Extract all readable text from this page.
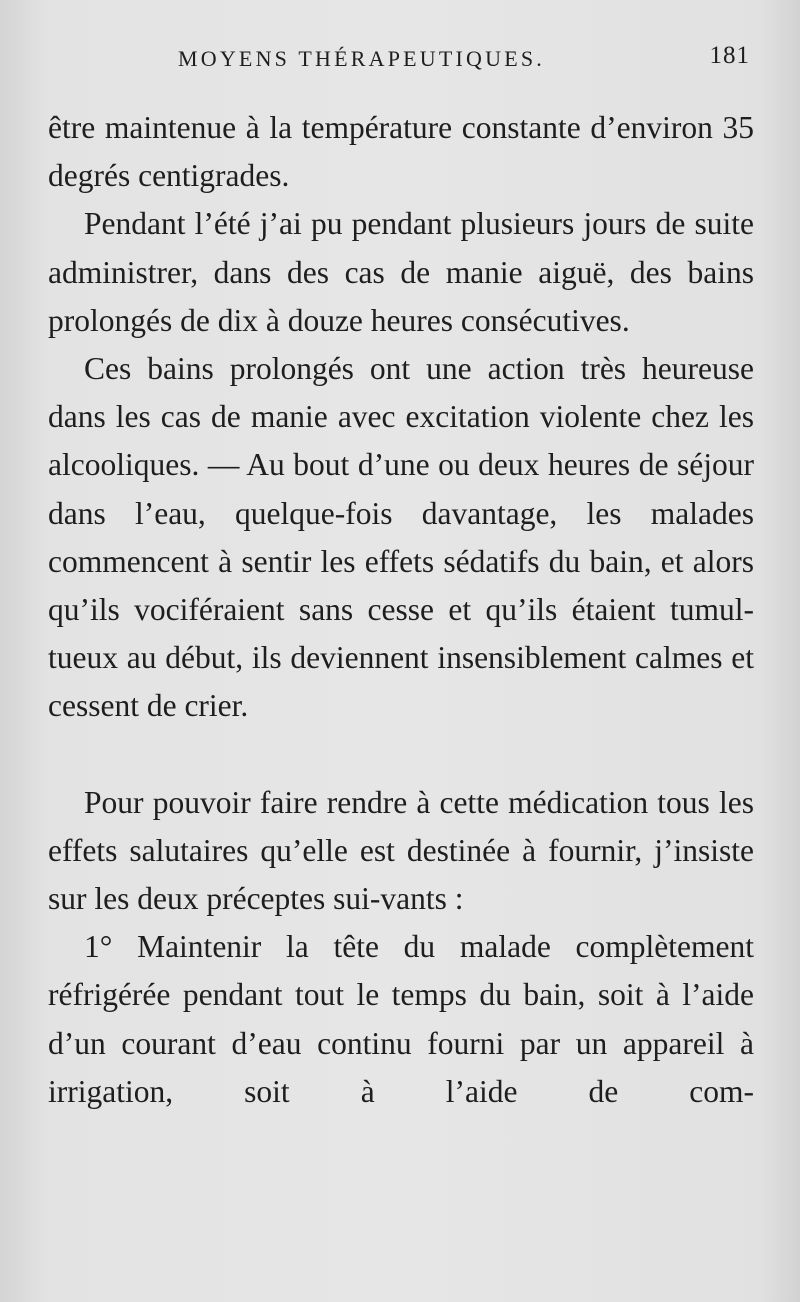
MOYENS THÉRAPEUTIQUES.	181

être maintenue à la température constante d’environ 35 degrés centigrades.

Pendant l’été j’ai pu pendant plusieurs jours de suite administrer, dans des cas de manie aiguë, des bains prolongés de dix à douze heures consécutives.

Ces bains prolongés ont une action très heureuse dans les cas de manie avec excitation violente chez les alcooliques. — Au bout d’une ou deux heures de séjour dans l’eau, quelque-fois davantage, les malades commencent à sentir les effets sédatifs du bain, et alors qu’ils vociféraient sans cesse et qu’ils étaient tumul-tueux au début, ils deviennent insensiblement calmes et cessent de crier.

Pour pouvoir faire rendre à cette médication tous les effets salutaires qu’elle est destinée à fournir, j’insiste sur les deux préceptes sui-vants :

1° Maintenir la tête du malade complètement réfrigérée pendant tout le temps du bain, soit à l’aide d’un courant d’eau continu fourni par un appareil à irrigation, soit à l’aide de com-
